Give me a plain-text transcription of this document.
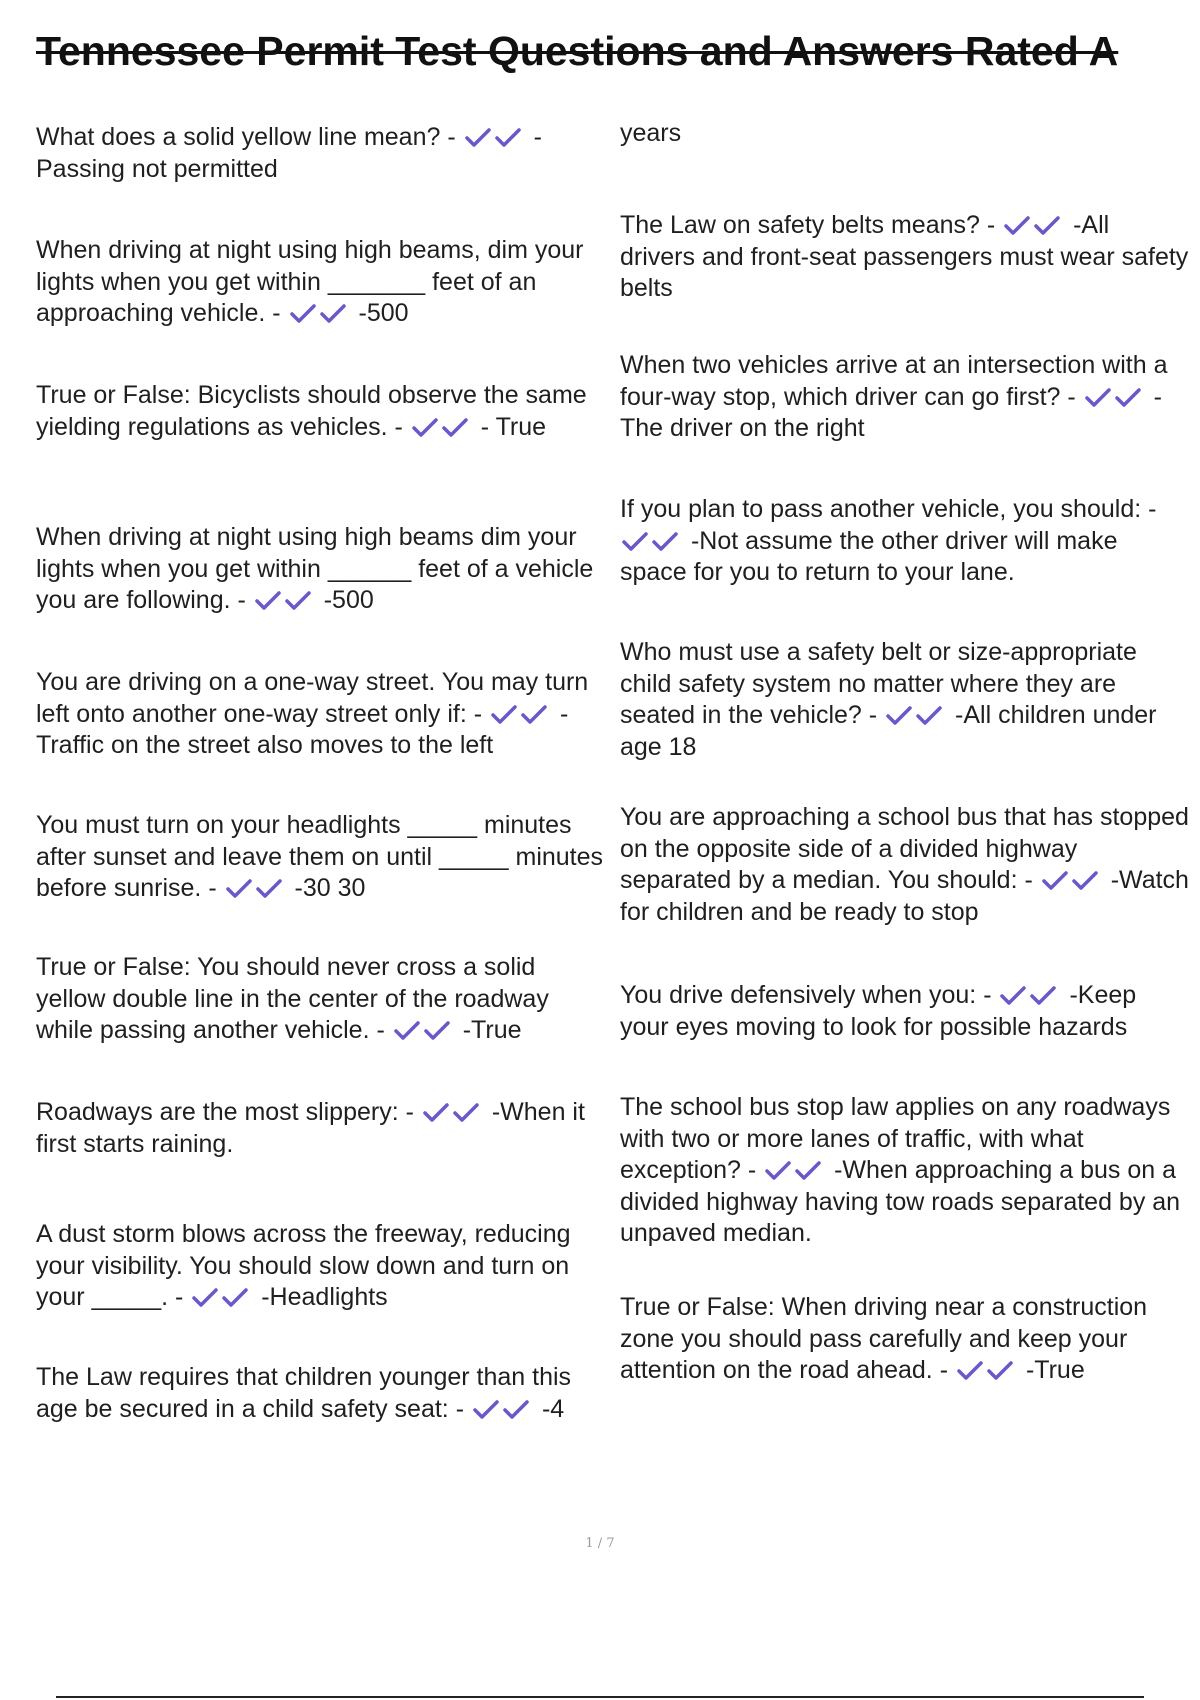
Tennessee Permit Test Questions and Answers Rated A

What does a solid yellow line mean? -	- Passing not permitted

When driving at night using high beams, dim your lights when you get within _______ feet of an approaching vehicle. -	-500

True or False: Bicyclists should observe the same yielding regulations as vehicles. -	- True

When driving at night using high beams dim your lights when you get within ______ feet of a vehicle you are following. -	-500

You are driving on a one-way street. You may turn left onto another one-way street only if: -	-Traffic on the street also moves to the left

You must turn on your headlights _____ minutes after sunset and leave them on until _____ minutes before sunrise. -	-30 30

True or False: You should never cross a solid yellow double line in the center of the roadway while passing another vehicle. -	-True

Roadways are the most slippery: -	-When it first starts raining.

A dust storm blows across the freeway, reducing your visibility. You should slow down and turn on your _____. -	-Headlights

The Law requires that children younger than this age be secured in a child safety seat: -	-4

years

The Law on safety belts means? -	-All drivers and front-seat passengers must wear safety belts

When two vehicles arrive at an intersection with a four-way stop, which driver can go first? -	- The driver on the right

If you plan to pass another vehicle, you should: -  -Not assume the other driver will make space for you to return to your lane.

Who must use a safety belt or size-appropriate child safety system no matter where they are seated in the vehicle? -	-All children under age 18

You are approaching a school bus that has stopped on the opposite side of a divided highway separated by a median. You should: -	-Watch for children and be ready to stop

You drive defensively when you: -	-Keep your eyes moving to look for possible hazards

The school bus stop law applies on any roadways with two or more lanes of traffic, with what exception? -	-When approaching a bus on a divided highway having tow roads separated by an unpaved median.

True or False: When driving near a construction zone you should pass carefully and keep your attention on the road ahead. -	-True

1 / 7
